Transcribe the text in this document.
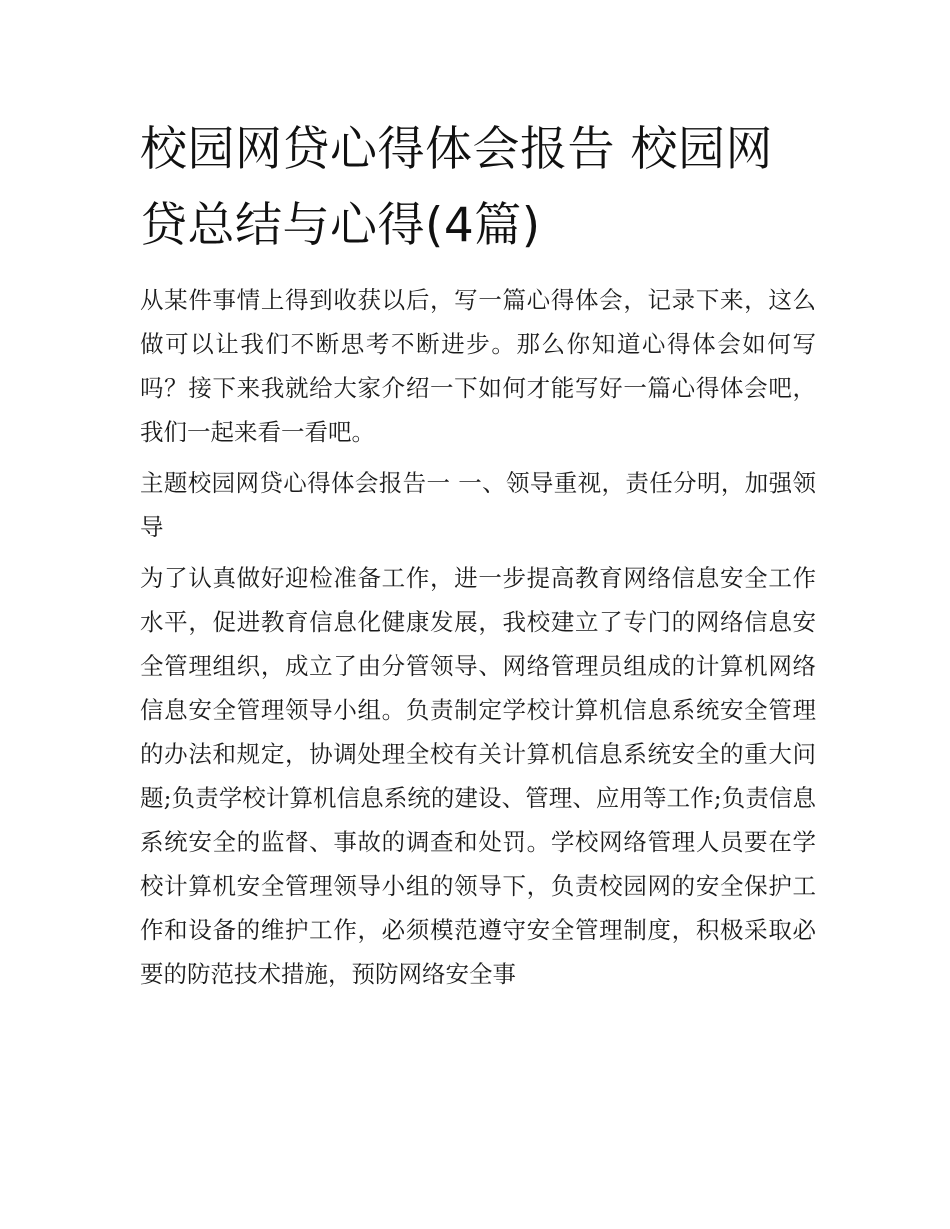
校园网贷心得体会报告 校园网贷总结与心得(4篇)

从某件事情上得到收获以后，写一篇心得体会，记录下来，这么做可以让我们不断思考不断进步。那么你知道心得体会如何写吗？接下来我就给大家介绍一下如何才能写好一篇心得体会吧，我们一起来看一看吧。

主题校园网贷心得体会报告一 一、领导重视，责任分明，加强领导

为了认真做好迎检准备工作，进一步提高教育网络信息安全工作水平，促进教育信息化健康发展，我校建立了专门的网络信息安全管理组织，成立了由分管领导、网络管理员组成的计算机网络信息安全管理领导小组。负责制定学校计算机信息系统安全管理的办法和规定，协调处理全校有关计算机信息系统安全的重大问题;负责学校计算机信息系统的建设、管理、应用等工作;负责信息系统安全的监督、事故的调查和处罚。学校网络管理人员要在学校计算机安全管理领导小组的领导下，负责校园网的安全保护工作和设备的维护工作，必须模范遵守安全管理制度，积极采取必要的防范技术措施，预防网络安全事
